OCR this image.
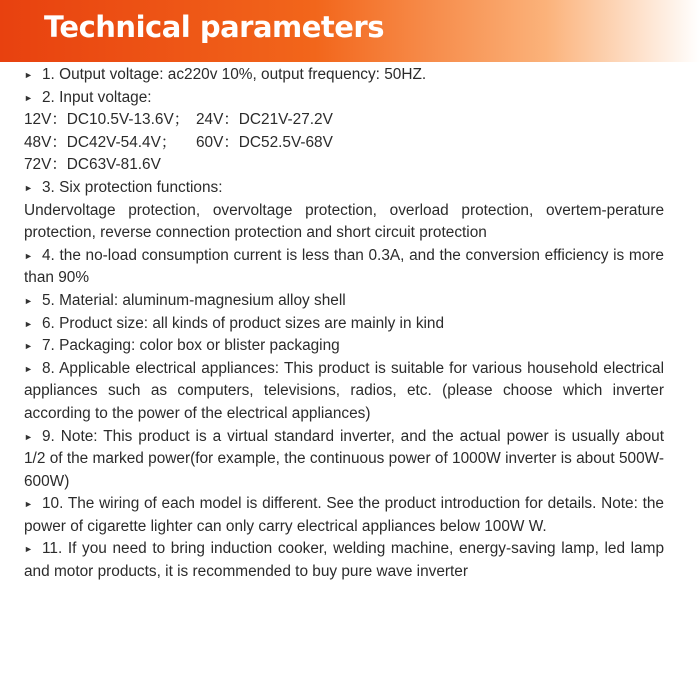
Technical parameters
► 1. Output voltage: ac220v 10%, output frequency: 50HZ.
► 2. Input voltage:
12V：DC10.5V-13.6V； 24V：DC21V-27.2V
48V：DC42V-54.4V； 60V：DC52.5V-68V
72V：DC63V-81.6V
► 3. Six protection functions:
Undervoltage protection, overvoltage protection, overload protection, overtem-perature protection, reverse connection protection and short circuit protection
► 4. the no-load consumption current is less than 0.3A, and the conversion efficiency is more than 90%
► 5. Material: aluminum-magnesium alloy shell
► 6. Product size: all kinds of product sizes are mainly in kind
► 7. Packaging: color box or blister packaging
► 8. Applicable electrical appliances: This product is suitable for various household electrical appliances such as computers, televisions, radios, etc. (please choose which inverter according to the power of the electrical appliances)
► 9. Note: This product is a virtual standard inverter, and the actual power is usually about 1/2 of the marked power(for example, the continuous power of 1000W inverter is about 500W-600W)
► 10. The wiring of each model is different. See the product introduction for details. Note: the power of cigarette lighter can only carry electrical appliances below 100W W.
► 11. If you need to bring induction cooker, welding machine, energy-saving lamp, led lamp and motor products, it is recommended to buy pure wave inverter
